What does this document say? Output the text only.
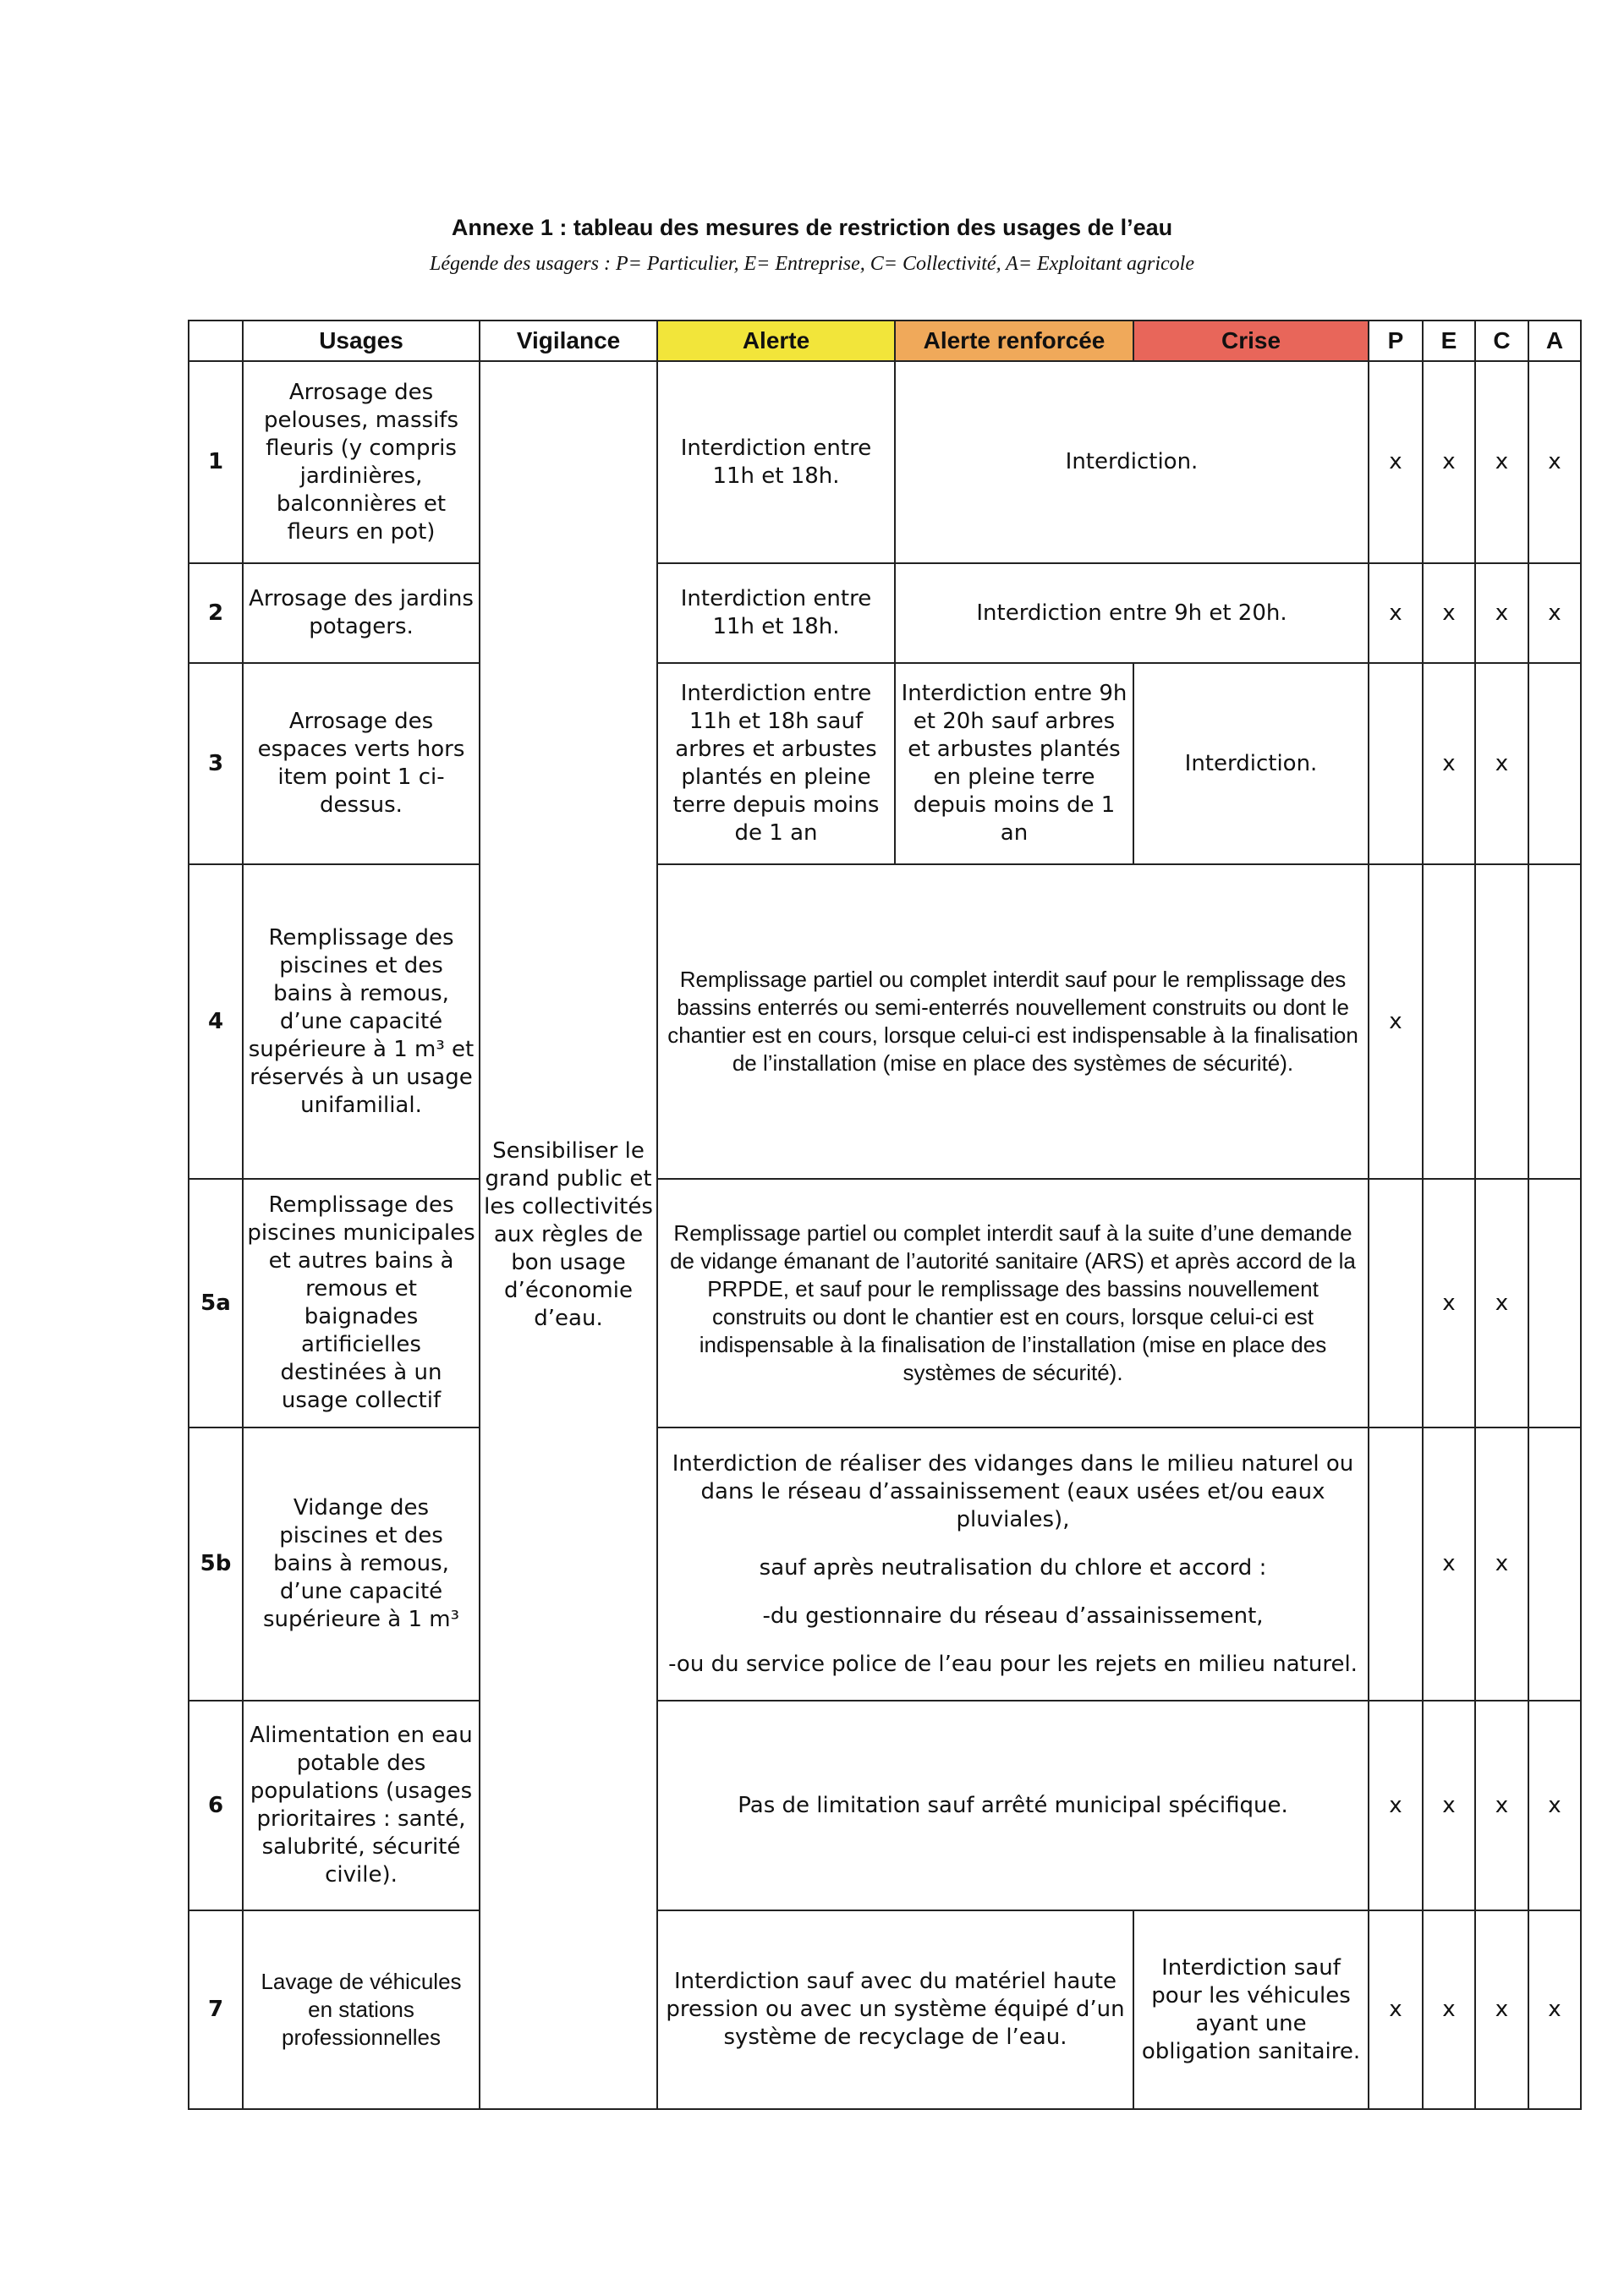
Annexe 1 : tableau des mesures de restriction des usages de l’eau
Légende des usagers : P= Particulier, E= Entreprise, C= Collectivité, A= Exploitant agricole
	Usages	Vigilance	Alerte	Alerte renforcée	Crise	P	E	C	A
1	Arrosage des pelouses, massifs fleuris (y compris jardinières, balconnières et fleurs en pot)	Sensibiliser le grand public et les collectivités aux règles de bon usage d’économie d’eau.	Interdiction entre 11h et 18h.	Interdiction.		x	x	x	x
2	Arrosage des jardins potagers.		Interdiction entre 11h et 18h.	Interdiction entre 9h et 20h.		x	x	x	x
3	Arrosage des espaces verts hors item point 1 ci-dessus.		Interdiction entre 11h et 18h sauf arbres et arbustes plantés en pleine terre depuis moins de 1 an	Interdiction entre 9h et 20h sauf arbres et arbustes plantés en pleine terre depuis moins de 1 an	Interdiction.		x	x	
4	Remplissage des piscines et des bains à remous, d’une capacité supérieure à 1 m³ et réservés à un usage unifamilial.		Remplissage partiel ou complet interdit sauf pour le remplissage des bassins enterrés ou semi-enterrés nouvellement construits ou dont le chantier est en cours, lorsque celui-ci est indispensable à la finalisation de l’installation (mise en place des systèmes de sécurité).			x			
5a	Remplissage des piscines municipales et autres bains à remous et baignades artificielles destinées à un usage collectif		Remplissage partiel ou complet interdit sauf à la suite d’une demande de vidange émanant de l’autorité sanitaire (ARS) et après accord de la PRPDE, et sauf pour le remplissage des bassins nouvellement construits ou dont le chantier est en cours, lorsque celui-ci est indispensable à la finalisation de l’installation (mise en place des systèmes de sécurité).				x	x	
5b	Vidange des piscines et des bains à remous, d’une capacité supérieure à 1 m³		Interdiction de réaliser des vidanges dans le milieu naturel ou dans le réseau d’assainissement (eaux usées et/ou eaux pluviales),
sauf après neutralisation du chlore et accord :
-du gestionnaire du réseau d’assainissement,
-ou du service police de l’eau pour les rejets en milieu naturel.				x	x	
6	Alimentation en eau potable des populations (usages prioritaires : santé, salubrité, sécurité civile).		Pas de limitation sauf arrêté municipal spécifique.			x	x	x	x
7	Lavage de véhicules en stations professionnelles		Interdiction sauf avec du matériel haute pression ou avec un système équipé d’un système de recyclage de l’eau.		Interdiction sauf pour les véhicules ayant une obligation sanitaire.	x	x	x	x
